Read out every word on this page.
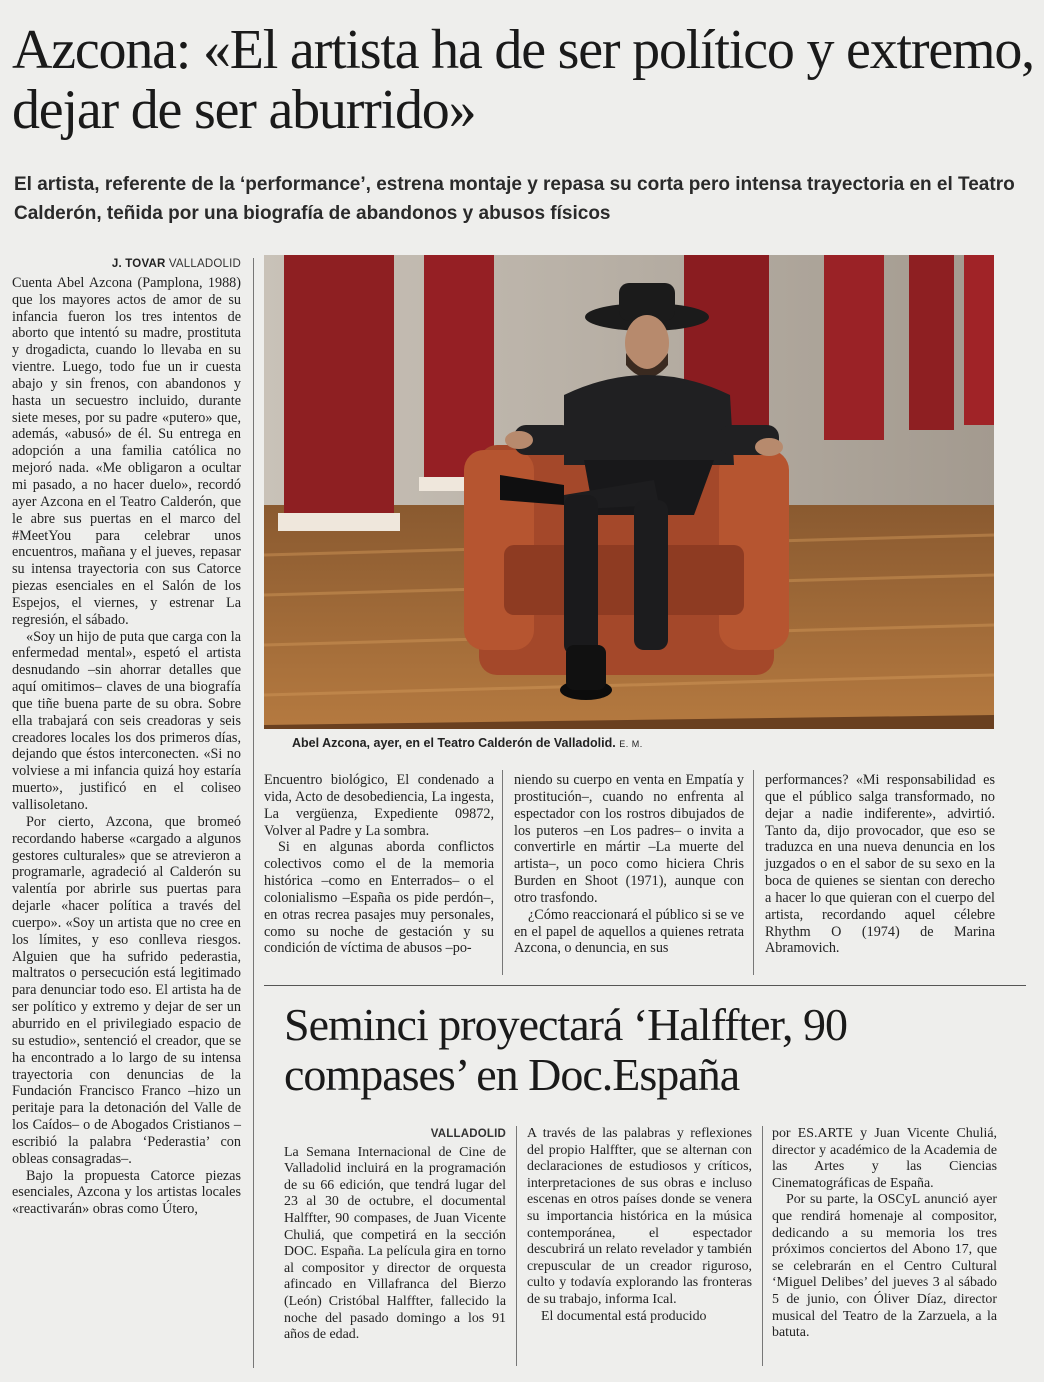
Azcona: «El artista ha de ser político y extremo, dejar de ser aburrido»

El artista, referente de la ‘performance’, estrena montaje y repasa su corta pero intensa trayectoria en el Teatro Calderón, teñida por una biografía de abandonos y abusos físicos

J. TOVAR VALLADOLID

Cuenta Abel Azcona (Pamplona, 1988) que los mayores actos de amor de su infancia fueron los tres intentos de aborto que intentó su madre, prostituta y drogadicta, cuando lo llevaba en su vientre. Luego, todo fue un ir cuesta abajo y sin frenos, con abandonos y hasta un secuestro incluido, durante siete meses, por su padre «putero» que, además, «abusó» de él. Su entrega en adopción a una familia católica no mejoró nada. «Me obligaron a ocultar mi pasado, a no hacer duelo», recordó ayer Azcona en el Teatro Calderón, que le abre sus puertas en el marco del #MeetYou para celebrar unos encuentros, mañana y el jueves, repasar su intensa trayectoria con sus Catorce piezas esenciales en el Salón de los Espejos, el viernes, y estrenar La regresión, el sábado.

«Soy un hijo de puta que carga con la enfermedad mental», espetó el artista desnudando –sin ahorrar detalles que aquí omitimos– claves de una biografía que tiñe buena parte de su obra. Sobre ella trabajará con seis creadoras y seis creadores locales los dos primeros días, dejando que éstos interconecten. «Si no volviese a mi infancia quizá hoy estaría muerto», justificó en el coliseo vallisoletano.

Por cierto, Azcona, que bromeó recordando haberse «cargado a algunos gestores culturales» que se atrevieron a programarle, agradeció al Calderón su valentía por abrirle sus puertas para dejarle «hacer política a través del cuerpo». «Soy un artista que no cree en los límites, y eso conlleva riesgos. Alguien que ha sufrido pederastia, maltratos o persecución está legitimado para denunciar todo eso. El artista ha de ser político y extremo y dejar de ser un aburrido en el privilegiado espacio de su estudio», sentenció el creador, que se ha encontrado a lo largo de su intensa trayectoria con denuncias de la Fundación Francisco Franco –hizo un peritaje para la detonación del Valle de los Caídos– o de Abogados Cristianos –escribió la palabra ‘Pederastia’ con obleas consagradas–.

Bajo la propuesta Catorce piezas esenciales, Azcona y los artistas locales «reactivarán» obras como Útero,

Abel Azcona, ayer, en el Teatro Calderón de Valladolid. E. M.

Encuentro biológico, El condenado a vida, Acto de desobediencia, La ingesta, La vergüenza, Expediente 09872, Volver al Padre y La sombra.

Si en algunas aborda conflictos colectivos como el de la memoria histórica –como en Enterrados– o el colonialismo –España os pide perdón–, en otras recrea pasajes muy personales, como su noche de gestación y su condición de víctima de abusos –po-

niendo su cuerpo en venta en Empatía y prostitución–, cuando no enfrenta al espectador con los rostros dibujados de los puteros –en Los padres– o invita a convertirle en mártir –La muerte del artista–, un poco como hiciera Chris Burden en Shoot (1971), aunque con otro trasfondo.

¿Cómo reaccionará el público si se ve en el papel de aquellos a quienes retrata Azcona, o denuncia, en sus

performances? «Mi responsabilidad es que el público salga transformado, no dejar a nadie indiferente», advirtió. Tanto da, dijo provocador, que eso se traduzca en una nueva denuncia en los juzgados o en el sabor de su sexo en la boca de quienes se sientan con derecho a hacer lo que quieran con el cuerpo del artista, recordando aquel célebre Rhythm O (1974) de Marina Abramovich.

Seminci proyectará ‘Halffter, 90 compases’ en Doc.España
VALLADOLID

La Semana Internacional de Cine de Valladolid incluirá en la programación de su 66 edición, que tendrá lugar del 23 al 30 de octubre, el documental Halffter, 90 compases, de Juan Vicente Chuliá, que competirá en la sección DOC. España. La película gira en torno al compositor y director de orquesta afincado en Villafranca del Bierzo (León) Cristóbal Halffter, fallecido la noche del pasado domingo a los 91 años de edad.

A través de las palabras y reflexiones del propio Halffter, que se alternan con declaraciones de estudiosos y críticos, interpretaciones de sus obras e incluso escenas en otros países donde se venera su importancia histórica en la música contemporánea, el espectador descubrirá un relato revelador y también crepuscular de un creador riguroso, culto y todavía explorando las fronteras de su trabajo, informa Ical.

El documental está producido

por ES.ARTE y Juan Vicente Chuliá, director y académico de la Academia de las Artes y las Ciencias Cinematográficas de España.

Por su parte, la OSCyL anunció ayer que rendirá homenaje al compositor, dedicando a su memoria los tres próximos conciertos del Abono 17, que se celebrarán en el Centro Cultural ‘Miguel Delibes’ del jueves 3 al sábado 5 de junio, con Óliver Díaz, director musical del Teatro de la Zarzuela, a la batuta.
